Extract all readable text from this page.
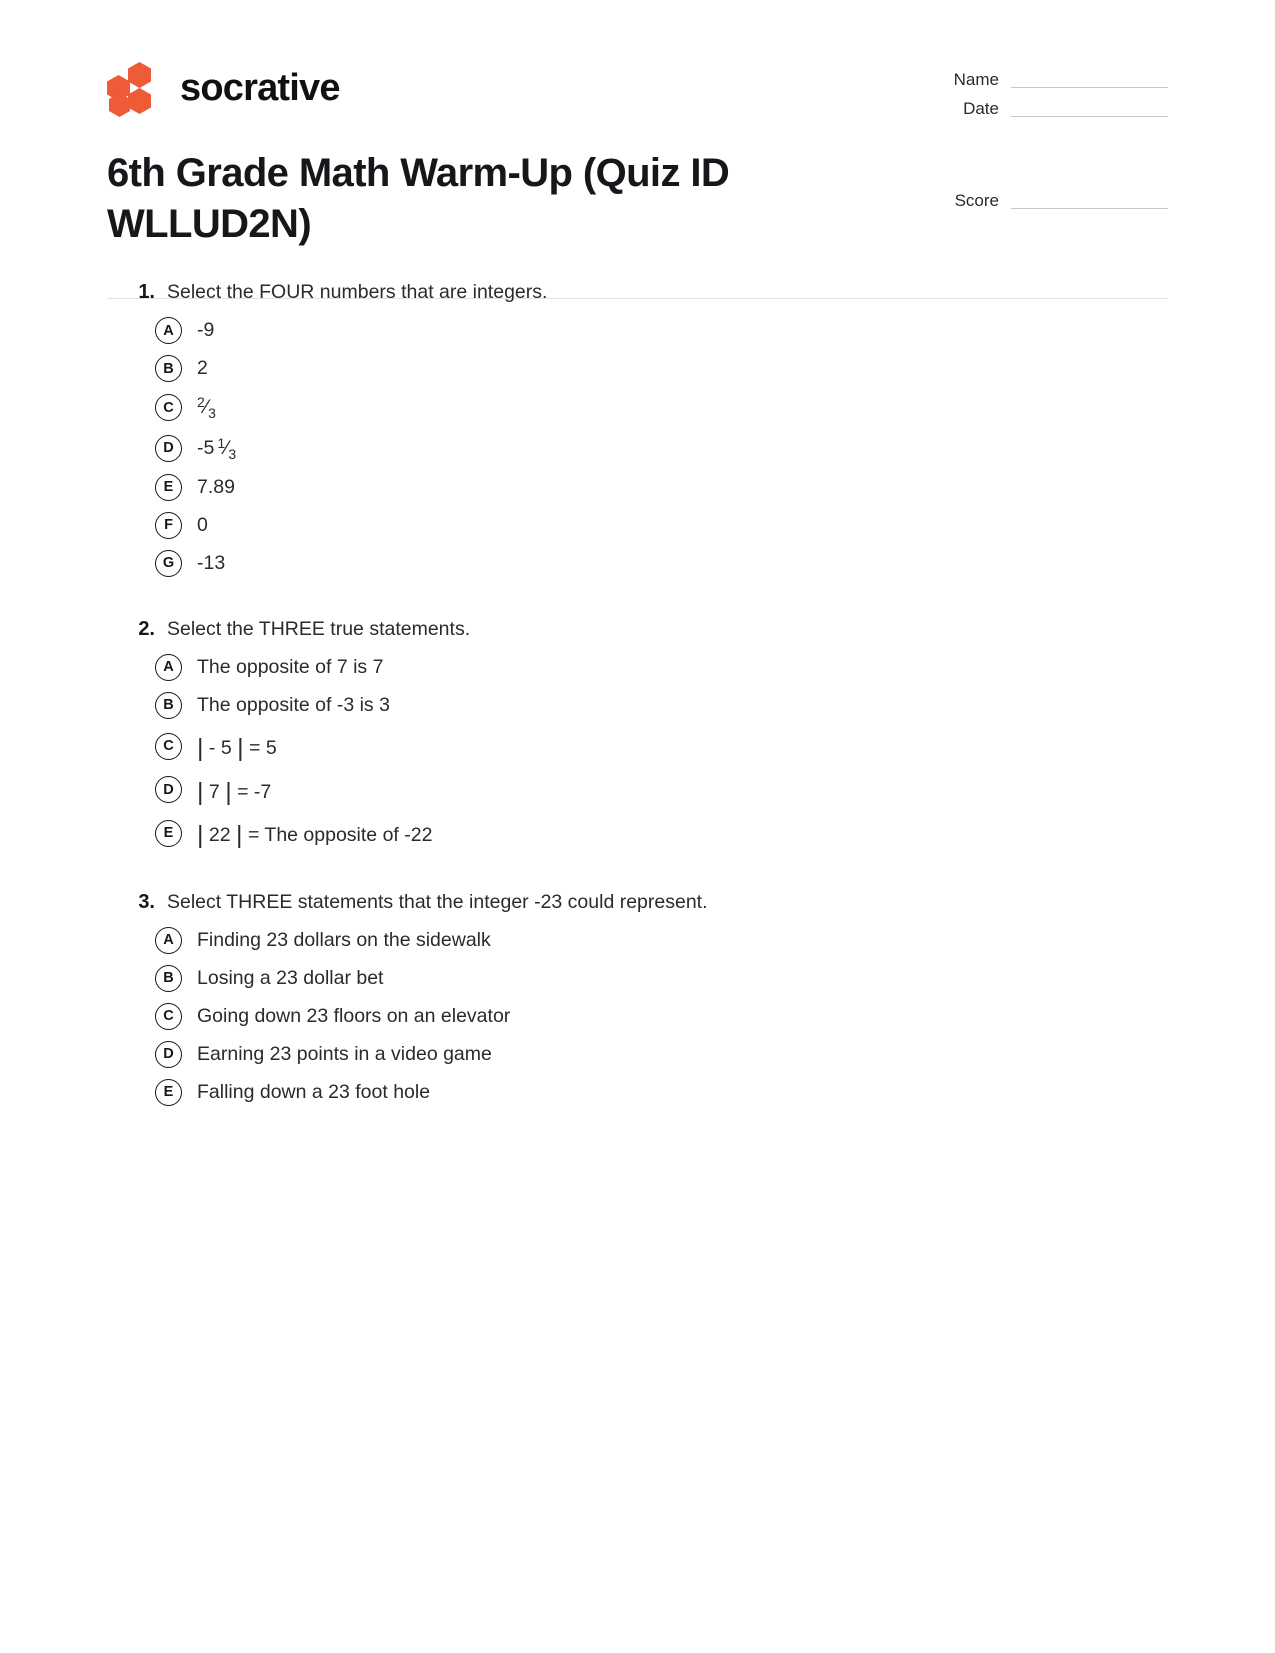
socrative	Name
Date
Score
6th Grade Math Warm-Up (Quiz ID WLLUD2N)
1. Select the FOUR numbers that are integers.
A	-9
B	2
C	$^2⁄_3$
D	-5 $^1⁄_3$
E	7.89
F	0
G	-13
2. Select the THREE true statements.
A	The opposite of 7 is 7
B	The opposite of -3 is 3
C | - 5 | = 5
D | 7 | = -7
E | 22 | = The opposite of -22
3. Select THREE statements that the integer -23 could represent.
A	Finding 23 dollars on the sidewalk
B	Losing a 23 dollar bet
C	Going down 23 floors on an elevator
D	Earning 23 points in a video game
E	Falling down a 23 foot hole
